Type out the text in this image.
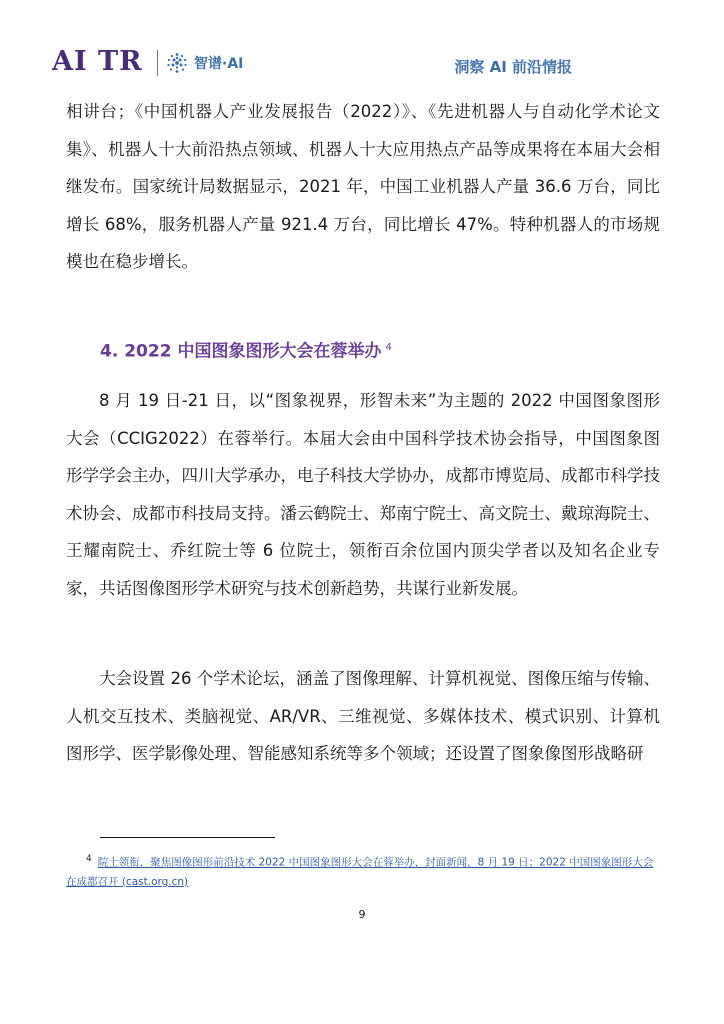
AI TR	智谱·AI	洞察 AI 前沿情报

相讲台；《中国机器人产业发展报告（2022）》、《先进机器人与自动化学术论文集》、机器人十大前沿热点领域、机器人十大应用热点产品等成果将在本届大会相继发布。国家统计局数据显示，2021 年，中国工业机器人产量 36.6 万台，同比增长 68%，服务机器人产量 921.4 万台，同比增长 47%。特种机器人的市场规模也在稳步增长。

4. 2022 中国图象图形大会在蓉举办 $^4$

8 月 19 日-21 日，以“图象视界，形智未来”为主题的 2022 中国图象图形大会（CCIG2022）在蓉举行。本届大会由中国科学技术协会指导，中国图象图形学学会主办，四川大学承办，电子科技大学协办，成都市博览局、成都市科学技术协会、成都市科技局支持。潘云鹤院士、郑南宁院士、高文院士、戴琼海院士、王耀南院士、乔红院士等 6 位院士，领衔百余位国内顶尖学者以及知名企业专家，共话图像图形学术研究与技术创新趋势，共谋行业新发展。

大会设置 26 个学术论坛，涵盖了图像理解、计算机视觉、图像压缩与传输、人机交互技术、类脑视觉、AR/VR、三维视觉、多媒体技术、模式识别、计算机图形学、医学影像处理、智能感知系统等多个领域；还设置了图象像图形战略研

4 院士领衔，聚焦图像图形前沿技术 2022 中国图象图形大会在蓉举办，封面新闻，8 月 19 日；2022 中国图象图形大会在成都召开 (cast.org.cn)
9
